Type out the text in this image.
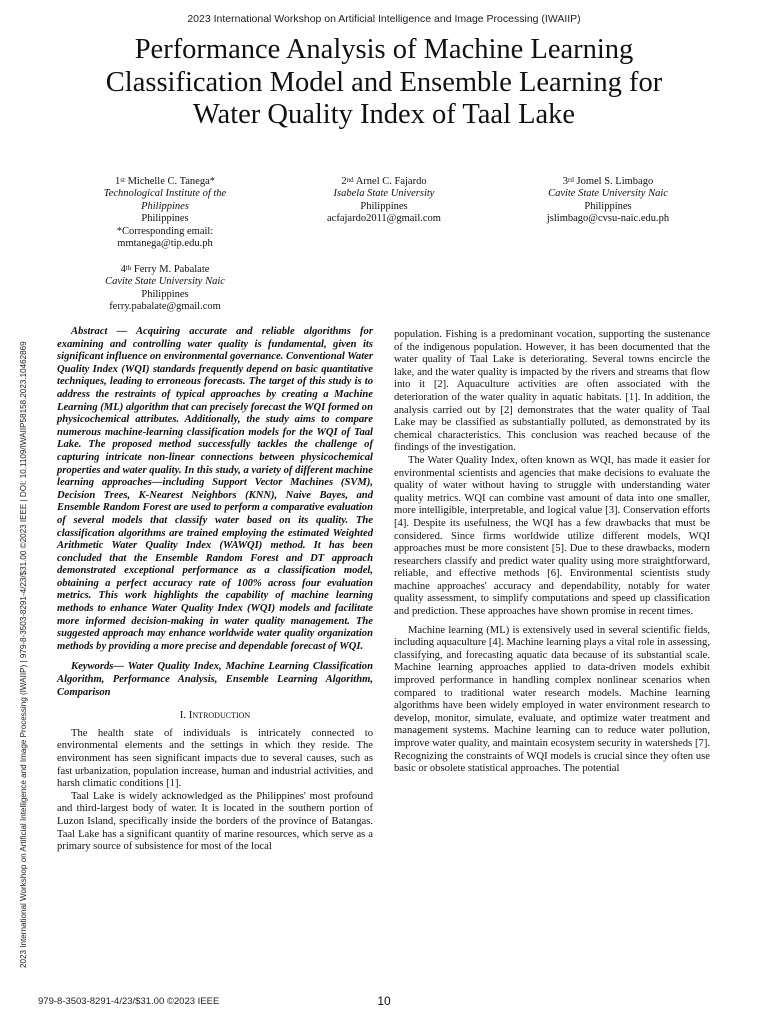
2023 International Workshop on Artificial Intelligence and Image Processing (IWAIIP)
Performance Analysis of Machine Learning
Classification Model and Ensemble Learning for
Water Quality Index of Taal Lake
2023 International Workshop on Artificial Intelligence and Image Processing (IWAIIP) | 979-8-3503-8291-4/23/$31.00 ©2023 IEEE | DOI: 10.1109/IWAIIP58158.2023.10462869
1st Michelle C. Tanega*
Technological Institute of the
Philippines
Philippines
*Corresponding email:
mmtanega@tip.edu.ph
2nd Arnel C. Fajardo
Isabela State University
Philippines
acfajardo2011@gmail.com
3rd Jomel S. Limbago
Cavite State University Naic
Philippines
jslimbago@cvsu-naic.edu.ph
4th Ferry M. Pabalate
Cavite State University Naic
Philippines
ferry.pabalate@gmail.com

Abstract — Acquiring accurate and reliable algorithms for examining and controlling water quality is fundamental, given its significant influence on environmental governance. Conventional Water Quality Index (WQI) standards frequently depend on basic quantitative techniques, leading to erroneous forecasts. The target of this study is to address the restraints of typical approaches by creating a Machine Learning (ML) algorithm that can precisely forecast the WQI formed on physicochemical attributes. Additionally, the study aims to compare numerous machine-learning classification models for the WQI of Taal Lake. The proposed method successfully tackles the challenge of capturing intricate non-linear connections between physicochemical properties and water quality. In this study, a variety of different machine learning approaches—including Support Vector Machines (SVM), Decision Trees, K-Nearest Neighbors (KNN), Naive Bayes, and Ensemble Random Forest are used to perform a comparative evaluation of several models that classify water based on its quality. The classification algorithms are trained employing the estimated Weighted Arithmetic Water Quality Index (WAWQI) method. It has been concluded that the Ensemble Random Forest and DT approach demonstrated exceptional performance as a classification model, obtaining a perfect accuracy rate of 100% across four evaluation metrics. This work highlights the capability of machine learning methods to enhance Water Quality Index (WQI) models and facilitate more informed decision-making in water quality management. The suggested approach may enhance worldwide water quality organization methods by providing a more precise and dependable forecast of WQI.

Keywords— Water Quality Index, Machine Learning Classification Algorithm, Performance Analysis, Ensemble Learning Algorithm, Comparison

I. Introduction

The health state of individuals is intricately connected to environmental elements and the settings in which they reside. The environment has seen significant impacts due to several causes, such as fast urbanization, population increase, human and industrial activities, and harsh climatic conditions [1].

Taal Lake is widely acknowledged as the Philippines' most profound and third-largest body of water. It is located in the southern portion of Luzon Island, specifically inside the borders of the province of Batangas. Taal Lake has a significant quantity of marine resources, which serve as a primary source of subsistence for most of the local

population. Fishing is a predominant vocation, supporting the sustenance of the indigenous population. However, it has been documented that the water quality of Taal Lake is deteriorating. Several towns encircle the lake, and the water quality is impacted by the rivers and streams that flow into it [2]. Aquaculture activities are often associated with the deterioration of the water quality in aquatic habitats. [1]. In addition, the analysis carried out by [2] demonstrates that the water quality of Taal Lake may be classified as substantially polluted, as demonstrated by its chemical characteristics. This conclusion was reached because of the findings of the investigation.

The Water Quality Index, often known as WQI, has made it easier for environmental scientists and agencies that make decisions to evaluate the quality of water without having to struggle with understanding water quality metrics. WQI can combine vast amount of data into one smaller, more intelligible, interpretable, and logical value [3]. Conservation efforts [4]. Despite its usefulness, the WQI has a few drawbacks that must be considered. Since firms worldwide utilize different models, WQI approaches must be more consistent [5]. Due to these drawbacks, modern researchers classify and predict water quality using more straightforward, reliable, and effective methods [6]. Environmental scientists study machine approaches' accuracy and dependability, notably for water quality assessment, to simplify computations and speed up classification and prediction. These approaches have shown promise in recent times.

Machine learning (ML) is extensively used in several scientific fields, including aquaculture [4]. Machine learning plays a vital role in assessing, classifying, and forecasting aquatic data because of its substantial scale. Machine learning approaches applied to data-driven models exhibit improved performance in handling complex nonlinear scenarios when compared to traditional water research models. Machine learning algorithms have been widely employed in water environment research to develop, monitor, simulate, evaluate, and optimize water treatment and management systems. Machine learning can to reduce water pollution, improve water quality, and maintain ecosystem security in watersheds [7]. Recognizing the constraints of WQI models is crucial since they often use basic or obsolete statistical approaches. The potential

979-8-3503-8291-4/23/$31.00 ©2023 IEEE	10
